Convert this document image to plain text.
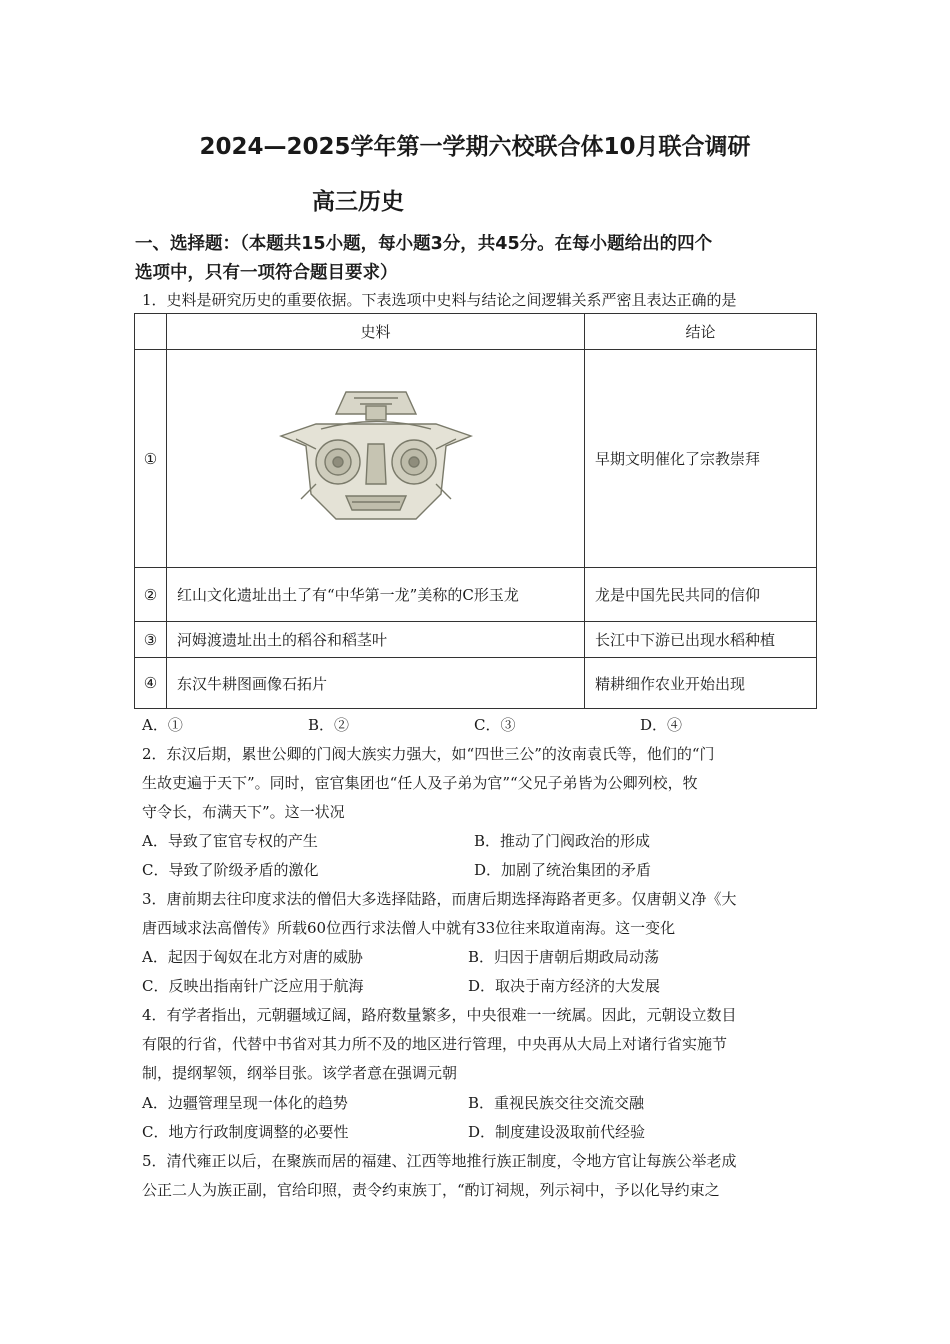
2024—2025学年第一学期六校联合体10月联合调研
高三历史
一、选择题：（本题共15小题，每小题3分，共45分。在每小题给出的四个
选项中，只有一项符合题目要求）
1．史料是研究历史的重要依据。下表选项中史料与结论之间逻辑关系严密且表达正确的是
	史料	结论
①		早期文明催化了宗教崇拜
②	红山文化遗址出土了有“中华第一龙”美称的C形玉龙	龙是中国先民共同的信仰
③	河姆渡遗址出土的稻谷和稻茎叶	长江中下游已出现水稻种植
④	东汉牛耕图画像石拓片	精耕细作农业开始出现
A．①	B．②	C．③	D．④
2．东汉后期，累世公卿的门阀大族实力强大，如“四世三公”的汝南袁氏等，他们的“门
生故吏遍于天下”。同时，宦官集团也“任人及子弟为官”“父兄子弟皆为公卿列校，牧
守令长，布满天下”。这一状况
A．导致了宦官专权的产生	B．推动了门阀政治的形成
C．导致了阶级矛盾的激化	D．加剧了统治集团的矛盾
3．唐前期去往印度求法的僧侣大多选择陆路，而唐后期选择海路者更多。仅唐朝义净《大
唐西域求法高僧传》所载60位西行求法僧人中就有33位往来取道南海。这一变化
A．起因于匈奴在北方对唐的威胁	B．归因于唐朝后期政局动荡
C．反映出指南针广泛应用于航海	D．取决于南方经济的大发展
4．有学者指出，元朝疆域辽阔，路府数量繁多，中央很难一一统属。因此，元朝设立数目
有限的行省，代替中书省对其力所不及的地区进行管理，中央再从大局上对诸行省实施节
制，提纲挈领，纲举目张。该学者意在强调元朝
A．边疆管理呈现一体化的趋势	B．重视民族交往交流交融
C．地方行政制度调整的必要性	D．制度建设汲取前代经验
5．清代雍正以后，在聚族而居的福建、江西等地推行族正制度，令地方官让每族公举老成
公正二人为族正副，官给印照，责令约束族丁，“酌订祠规，列示祠中，予以化导约束之
